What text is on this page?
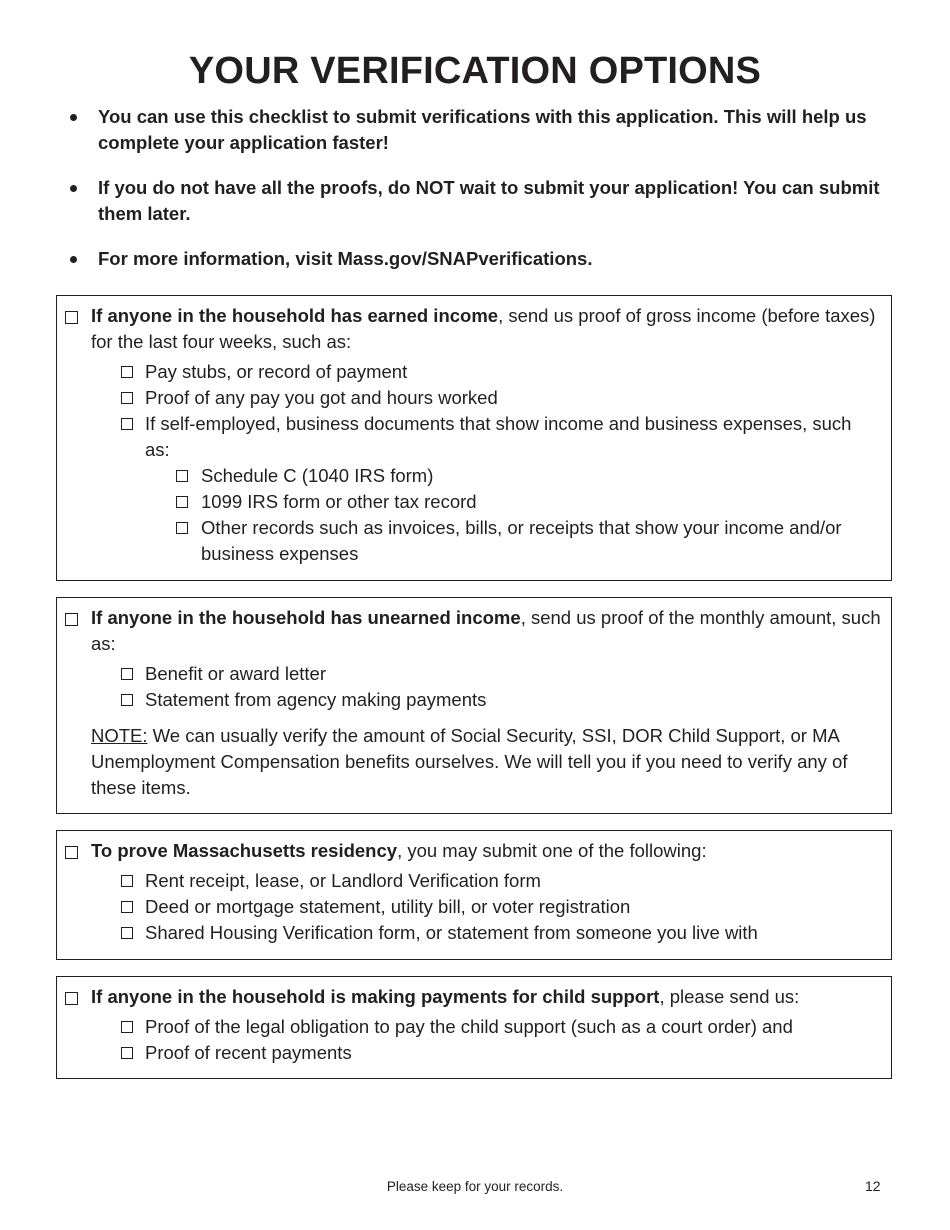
YOUR VERIFICATION OPTIONS
You can use this checklist to submit verifications with this application. This will help us complete your application faster!
If you do not have all the proofs, do NOT wait to submit your application! You can submit them later.
For more information, visit Mass.gov/SNAPverifications.
If anyone in the household has earned income, send us proof of gross income (before taxes) for the last four weeks, such as:
Pay stubs, or record of payment
Proof of any pay you got and hours worked
If self-employed, business documents that show income and business expenses, such as:
Schedule C (1040 IRS form)
1099 IRS form or other tax record
Other records such as invoices, bills, or receipts that show your income and/or business expenses
If anyone in the household has unearned income, send us proof of the monthly amount, such as:
Benefit or award letter
Statement from agency making payments
NOTE: We can usually verify the amount of Social Security, SSI, DOR Child Support, or MA Unemployment Compensation benefits ourselves. We will tell you if you need to verify any of these items.
To prove Massachusetts residency, you may submit one of the following:
Rent receipt, lease, or Landlord Verification form
Deed or mortgage statement, utility bill, or voter registration
Shared Housing Verification form, or statement from someone you live with
If anyone in the household is making payments for child support, please send us:
Proof of the legal obligation to pay the child support (such as a court order) and
Proof of recent payments
Please keep for your records.	12
